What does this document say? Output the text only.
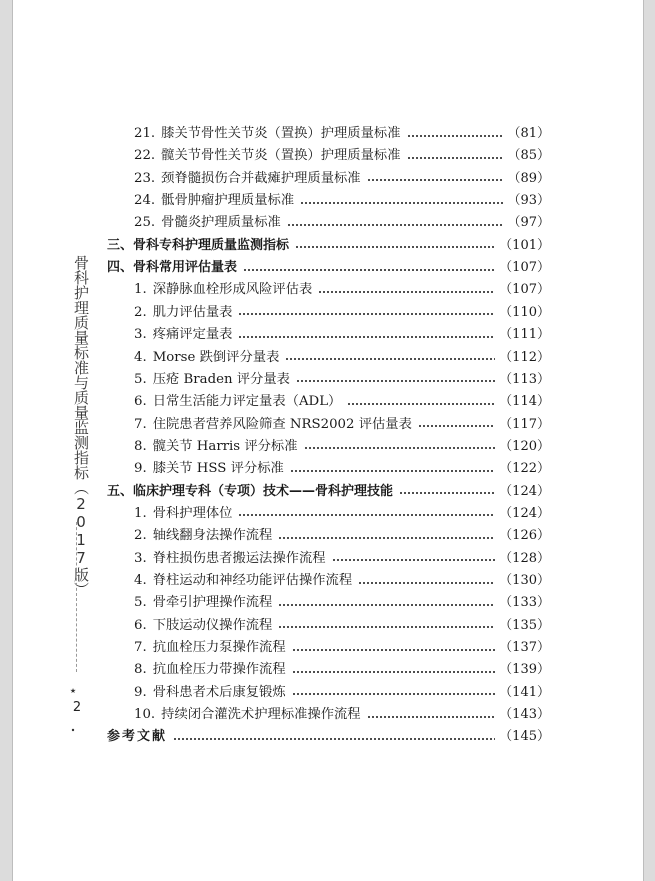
骨科护理质量标准与质量监测指标（2017版）
★
2
21. 膝关节骨性关节炎（置换）护理质量标准	（81）
22. 髋关节骨性关节炎（置换）护理质量标准	（85）
23. 颈脊髓损伤合并截瘫护理质量标准	（89）
24. 骶骨肿瘤护理质量标准	（93）
25. 骨髓炎护理质量标准	（97）
三、 骨科专科护理质量监测指标	（101）
四、 骨科常用评估量表	（107）
1. 深静脉血栓形成风险评估表	（107）
2. 肌力评估量表	（110）
3. 疼痛评定量表	（111）
4. Morse 跌倒评分量表	（112）
5. 压疮 Braden 评分量表	（113）
6. 日常生活能力评定量表（ADL）	（114）
7. 住院患者营养风险筛查 NRS2002 评估量表	（117）
8. 髋关节 Harris 评分标准	（120）
9. 膝关节 HSS 评分标准	（122）
五、 临床护理专科（专项）技术——骨科护理技能	（124）
1. 骨科护理体位	（124）
2. 轴线翻身法操作流程	（126）
3. 脊柱损伤患者搬运法操作流程	（128）
4. 脊柱运动和神经功能评估操作流程	（130）
5. 骨牵引护理操作流程	（133）
6. 下肢运动仪操作流程	（135）
7. 抗血栓压力泵操作流程	（137）
8. 抗血栓压力带操作流程	（139）
9. 骨科患者术后康复锻炼	（141）
10. 持续闭合灌洗术护理标准操作流程	（143）
参考文献	（145）
